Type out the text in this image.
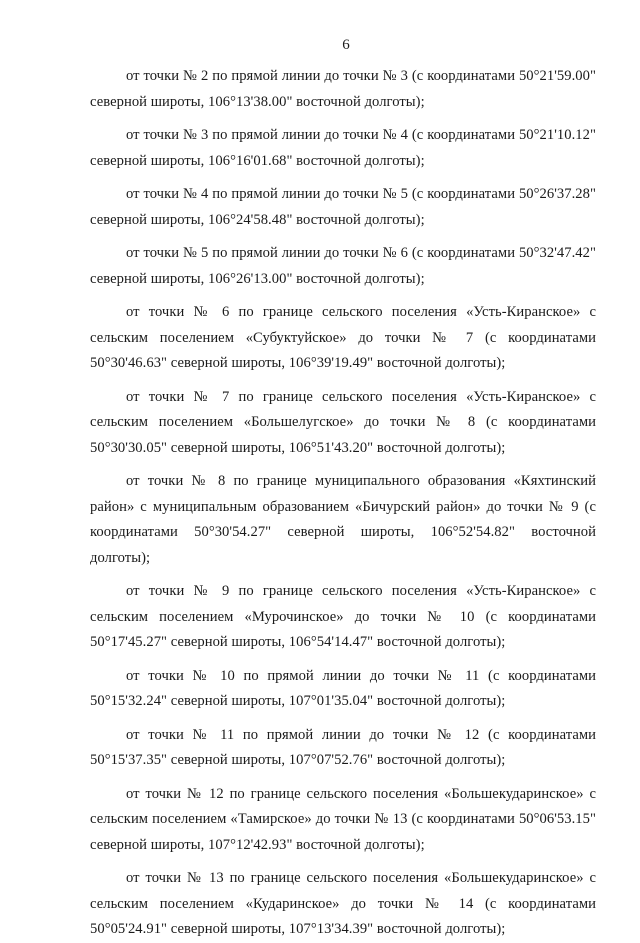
6

от точки № 2 по прямой линии до точки № 3 (с координатами 50°21'59.00" северной широты, 106°13'38.00" восточной долготы);

от точки № 3 по прямой линии до точки № 4 (с координатами 50°21'10.12" северной широты, 106°16'01.68" восточной долготы);

от точки № 4 по прямой линии до точки № 5 (с координатами 50°26'37.28" северной широты, 106°24'58.48" восточной долготы);

от точки № 5 по прямой линии до точки № 6 (с координатами 50°32'47.42" северной широты, 106°26'13.00" восточной долготы);

от точки № 6 по границе сельского поселения «Усть-Киранское» с сельским поселением «Субуктуйское» до точки № 7 (с координатами 50°30'46.63" северной широты, 106°39'19.49" восточной долготы);

от точки № 7 по границе сельского поселения «Усть-Киранское» с сельским поселением «Большелугское» до точки № 8 (с координатами 50°30'30.05" северной широты, 106°51'43.20" восточной долготы);

от точки № 8 по границе муниципального образования «Кяхтинский район» с муниципальным образованием «Бичурский район» до точки № 9 (с координатами 50°30'54.27" северной широты, 106°52'54.82" восточной долготы);

от точки № 9 по границе сельского поселения «Усть-Киранское» с сельским поселением «Мурочинское» до точки № 10 (с координатами 50°17'45.27" северной широты, 106°54'14.47" восточной долготы);

от точки № 10 по прямой линии до точки № 11 (с координатами 50°15'32.24" северной широты, 107°01'35.04" восточной долготы);

от точки № 11 по прямой линии до точки № 12 (с координатами 50°15'37.35" северной широты, 107°07'52.76" восточной долготы);

от точки № 12 по границе сельского поселения «Большекударинское» с сельским поселением «Тамирское» до точки № 13 (с координатами 50°06'53.15" северной широты, 107°12'42.93" восточной долготы);

от точки № 13 по границе сельского поселения «Большекударинское» с сельским поселением «Кударинское» до точки № 14 (с координатами 50°05'24.91" северной широты, 107°13'34.39" восточной долготы);
